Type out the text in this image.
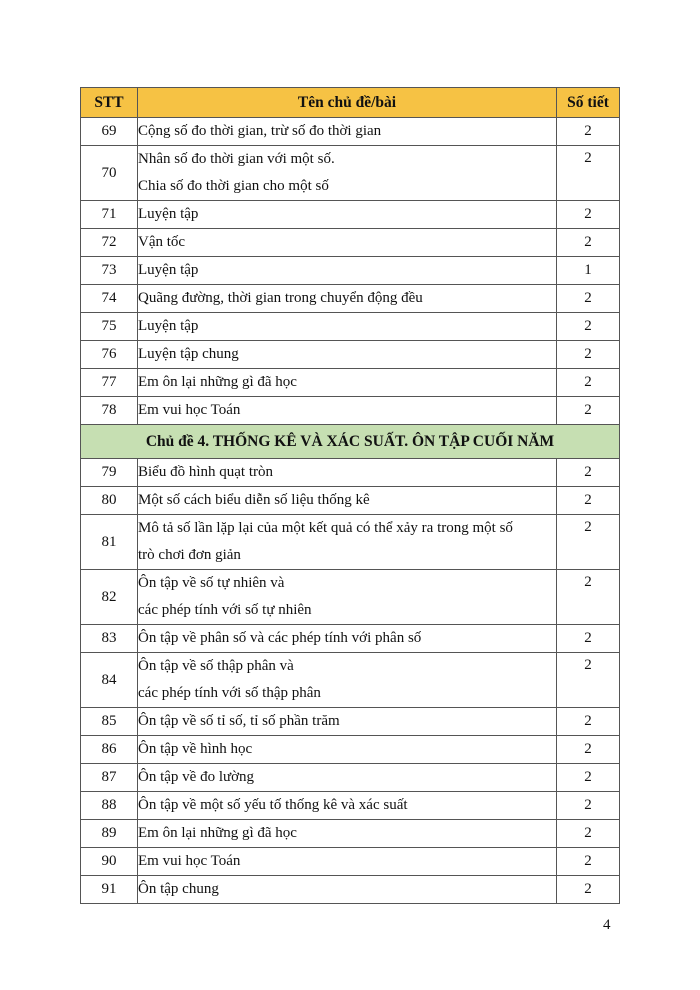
STT	Tên chủ đề/bài	Số tiết
69	Cộng số đo thời gian, trừ số đo thời gian	2
70	Nhân số đo thời gian với một số.
Chia số đo thời gian cho một số	2
71	Luyện tập	2
72	Vận tốc	2
73	Luyện tập	1
74	Quãng đường, thời gian trong chuyển động đều	2
75	Luyện tập	2
76	Luyện tập chung	2
77	Em ôn lại những gì đã học	2
78	Em vui học Toán	2
Chủ đề 4. THỐNG KÊ VÀ XÁC SUẤT. ÔN TẬP CUỐI NĂM		
79	Biểu đồ hình quạt tròn	2
80	Một số cách biểu diễn số liệu thống kê	2
81	Mô tả số lần lặp lại của một kết quả có thể xảy ra trong một số
trò chơi đơn giản	2
82	Ôn tập về số tự nhiên và
các phép tính với số tự nhiên	2
83	Ôn tập về phân số và các phép tính với phân số	2
84	Ôn tập về số thập phân và
các phép tính với số thập phân	2
85	Ôn tập về số tỉ số, tỉ số phần trăm	2
86	Ôn tập về hình học	2
87	Ôn tập về đo lường	2
88	Ôn tập về một số yếu tố thống kê và xác suất	2
89	Em ôn lại những gì đã học	2
90	Em vui học Toán	2
91	Ôn tập chung	2
4
